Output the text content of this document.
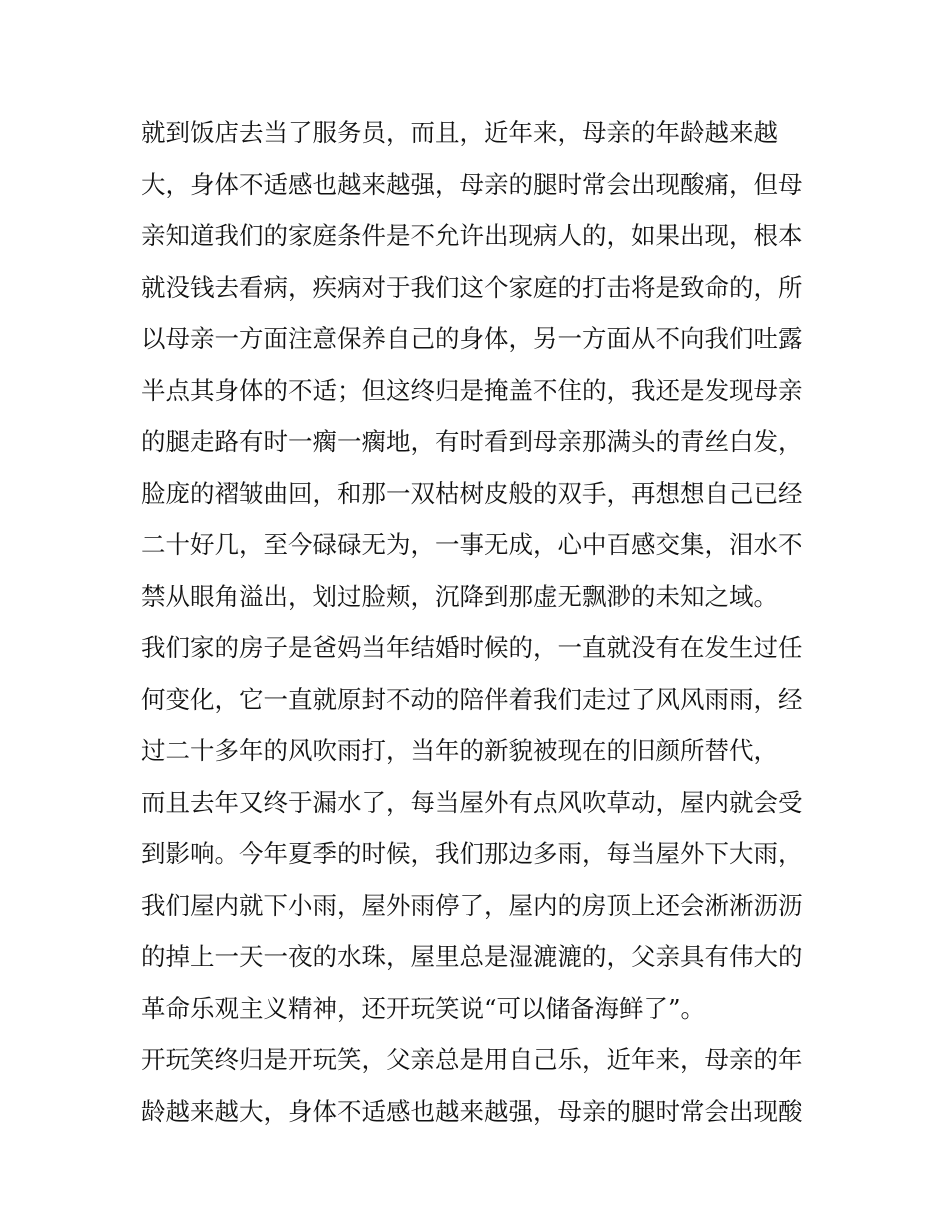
就到饭店去当了服务员，而且，近年来，母亲的年龄越来越
大，身体不适感也越来越强，母亲的腿时常会出现酸痛，但母
亲知道我们的家庭条件是不允许出现病人的，如果出现，根本
就没钱去看病，疾病对于我们这个家庭的打击将是致命的，所
以母亲一方面注意保养自己的身体，另一方面从不向我们吐露
半点其身体的不适；但这终归是掩盖不住的，我还是发现母亲
的腿走路有时一瘸一瘸地，有时看到母亲那满头的青丝白发，
脸庞的褶皱曲回，和那一双枯树皮般的双手，再想想自己已经
二十好几，至今碌碌无为，一事无成，心中百感交集，泪水不
禁从眼角溢出，划过脸颊，沉降到那虚无飘渺的未知之域。
我们家的房子是爸妈当年结婚时候的，一直就没有在发生过任
何变化，它一直就原封不动的陪伴着我们走过了风风雨雨，经
过二十多年的风吹雨打，当年的新貌被现在的旧颜所替代，
而且去年又终于漏水了，每当屋外有点风吹草动，屋内就会受
到影响。今年夏季的时候，我们那边多雨，每当屋外下大雨，
我们屋内就下小雨，屋外雨停了，屋内的房顶上还会淅淅沥沥
的掉上一天一夜的水珠，屋里总是湿漉漉的，父亲具有伟大的
革命乐观主义精神，还开玩笑说“可以储备海鲜了”。
开玩笑终归是开玩笑，父亲总是用自己乐，近年来，母亲的年
龄越来越大，身体不适感也越来越强，母亲的腿时常会出现酸
